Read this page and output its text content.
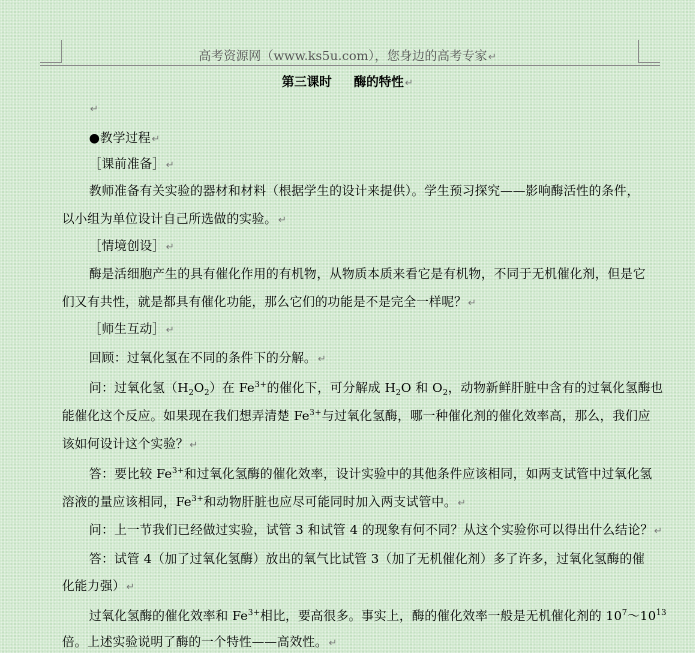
高考资源网（www.ks5u.com），您身边的高考专家↵
第三课时 酶的特性↵
↵
●教学过程↵
［课前准备］↵
教师准备有关实验的器材和材料（根据学生的设计来提供）。学生预习探究——影响酶活性的条件，
以小组为单位设计自己所选做的实验。↵
［情境创设］↵
酶是活细胞产生的具有催化作用的有机物，从物质本质来看它是有机物，不同于无机催化剂，但是它
们又有共性，就是都具有催化功能，那么它们的功能是不是完全一样呢？↵
［师生互动］↵
回顾：过氧化氢在不同的条件下的分解。↵
问：过氧化氢$(H_2O_2)$在 $Fe^{3+}$的催化下，可分解成 $H_2O$ 和 $O_2$，动物新鲜肝脏中含有的过氧化氢酶也
能催化这个反应。如果现在我们想弄清楚 $Fe^{3+}$与过氧化氢酶，哪一种催化剂的催化效率高，那么，我们应
该如何设计这个实验？↵
答：要比较 $Fe^{3+}$和过氧化氢酶的催化效率，设计实验中的其他条件应该相同，如两支试管中过氧化氢
溶液的量应该相同，$Fe^{3+}$和动物肝脏也应尽可能同时加入两支试管中。↵
问：上一节我们已经做过实验，试管 3 和试管 4 的现象有何不同？从这个实验你可以得出什么结论？↵
答：试管 4（加了过氧化氢酶）放出的氧气比试管 3（加了无机催化剂）多了许多，过氧化氢酶的催
化能力强）↵
过氧化氢酶的催化效率和 $Fe^{3+}$相比，要高很多。事实上，酶的催化效率一般是无机催化剂的 $10^7\sim 10^{13}$
倍。上述实验说明了酶的一个特性——高效性。↵
